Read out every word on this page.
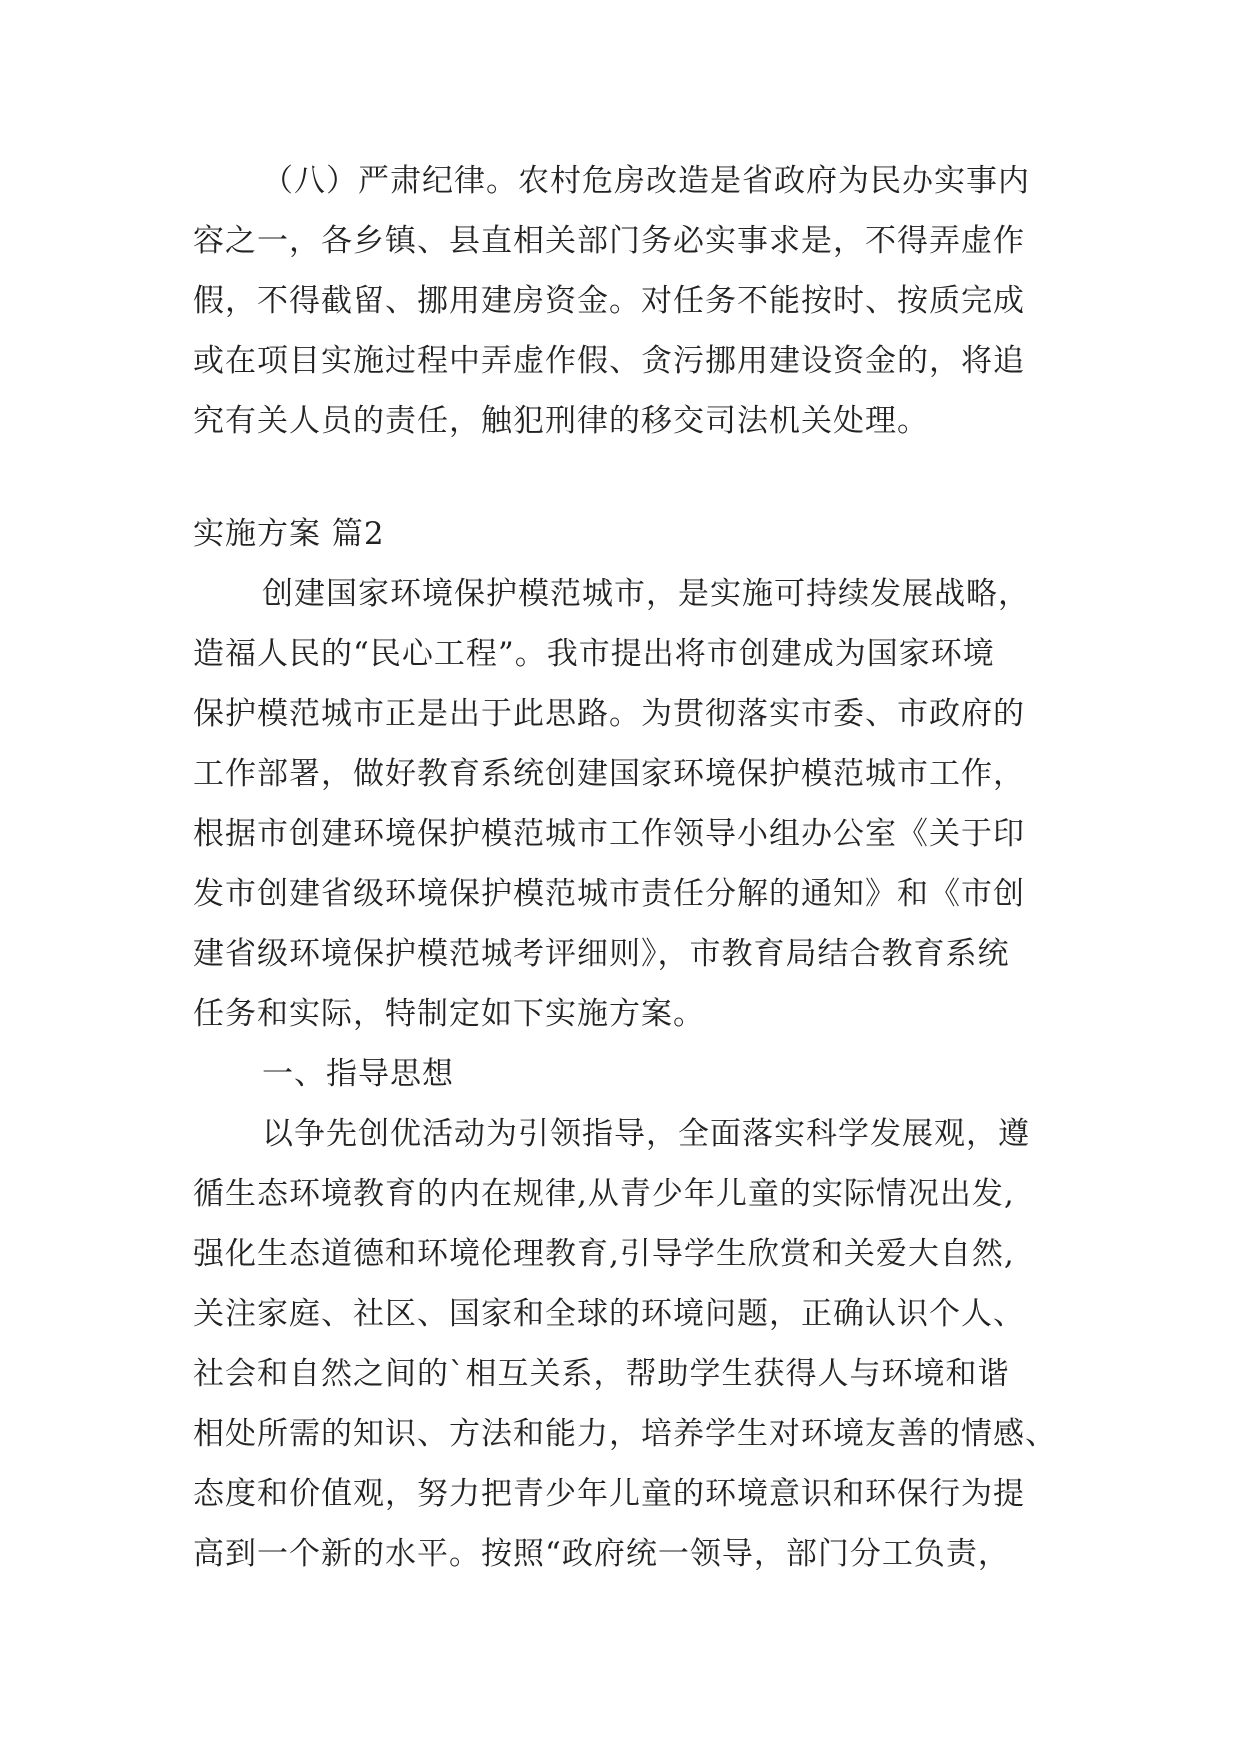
（八）严肃纪律。农村危房改造是省政府为民办实事内
容之一，各乡镇、县直相关部门务必实事求是，不得弄虚作
假，不得截留、挪用建房资金。对任务不能按时、按质完成
或在项目实施过程中弄虚作假、贪污挪用建设资金的，将追
究有关人员的责任，触犯刑律的移交司法机关处理。
实施方案 篇2
创建国家环境保护模范城市，是实施可持续发展战略，
造福人民的“民心工程”。我市提出将市创建成为国家环境
保护模范城市正是出于此思路。为贯彻落实市委、市政府的
工作部署，做好教育系统创建国家环境保护模范城市工作，
根据市创建环境保护模范城市工作领导小组办公室《关于印
发市创建省级环境保护模范城市责任分解的通知》和《市创
建省级环境保护模范城考评细则》，市教育局结合教育系统
任务和实际，特制定如下实施方案。
一、指导思想
以争先创优活动为引领指导，全面落实科学发展观，遵
循生态环境教育的内在规律,从青少年儿童的实际情况出发,
强化生态道德和环境伦理教育,引导学生欣赏和关爱大自然,
关注家庭、社区、国家和全球的环境问题，正确认识个人、
社会和自然之间的`相互关系，帮助学生获得人与环境和谐
相处所需的知识、方法和能力，培养学生对环境友善的情感、
态度和价值观，努力把青少年儿童的环境意识和环保行为提
高到一个新的水平。按照“政府统一领导，部门分工负责，
